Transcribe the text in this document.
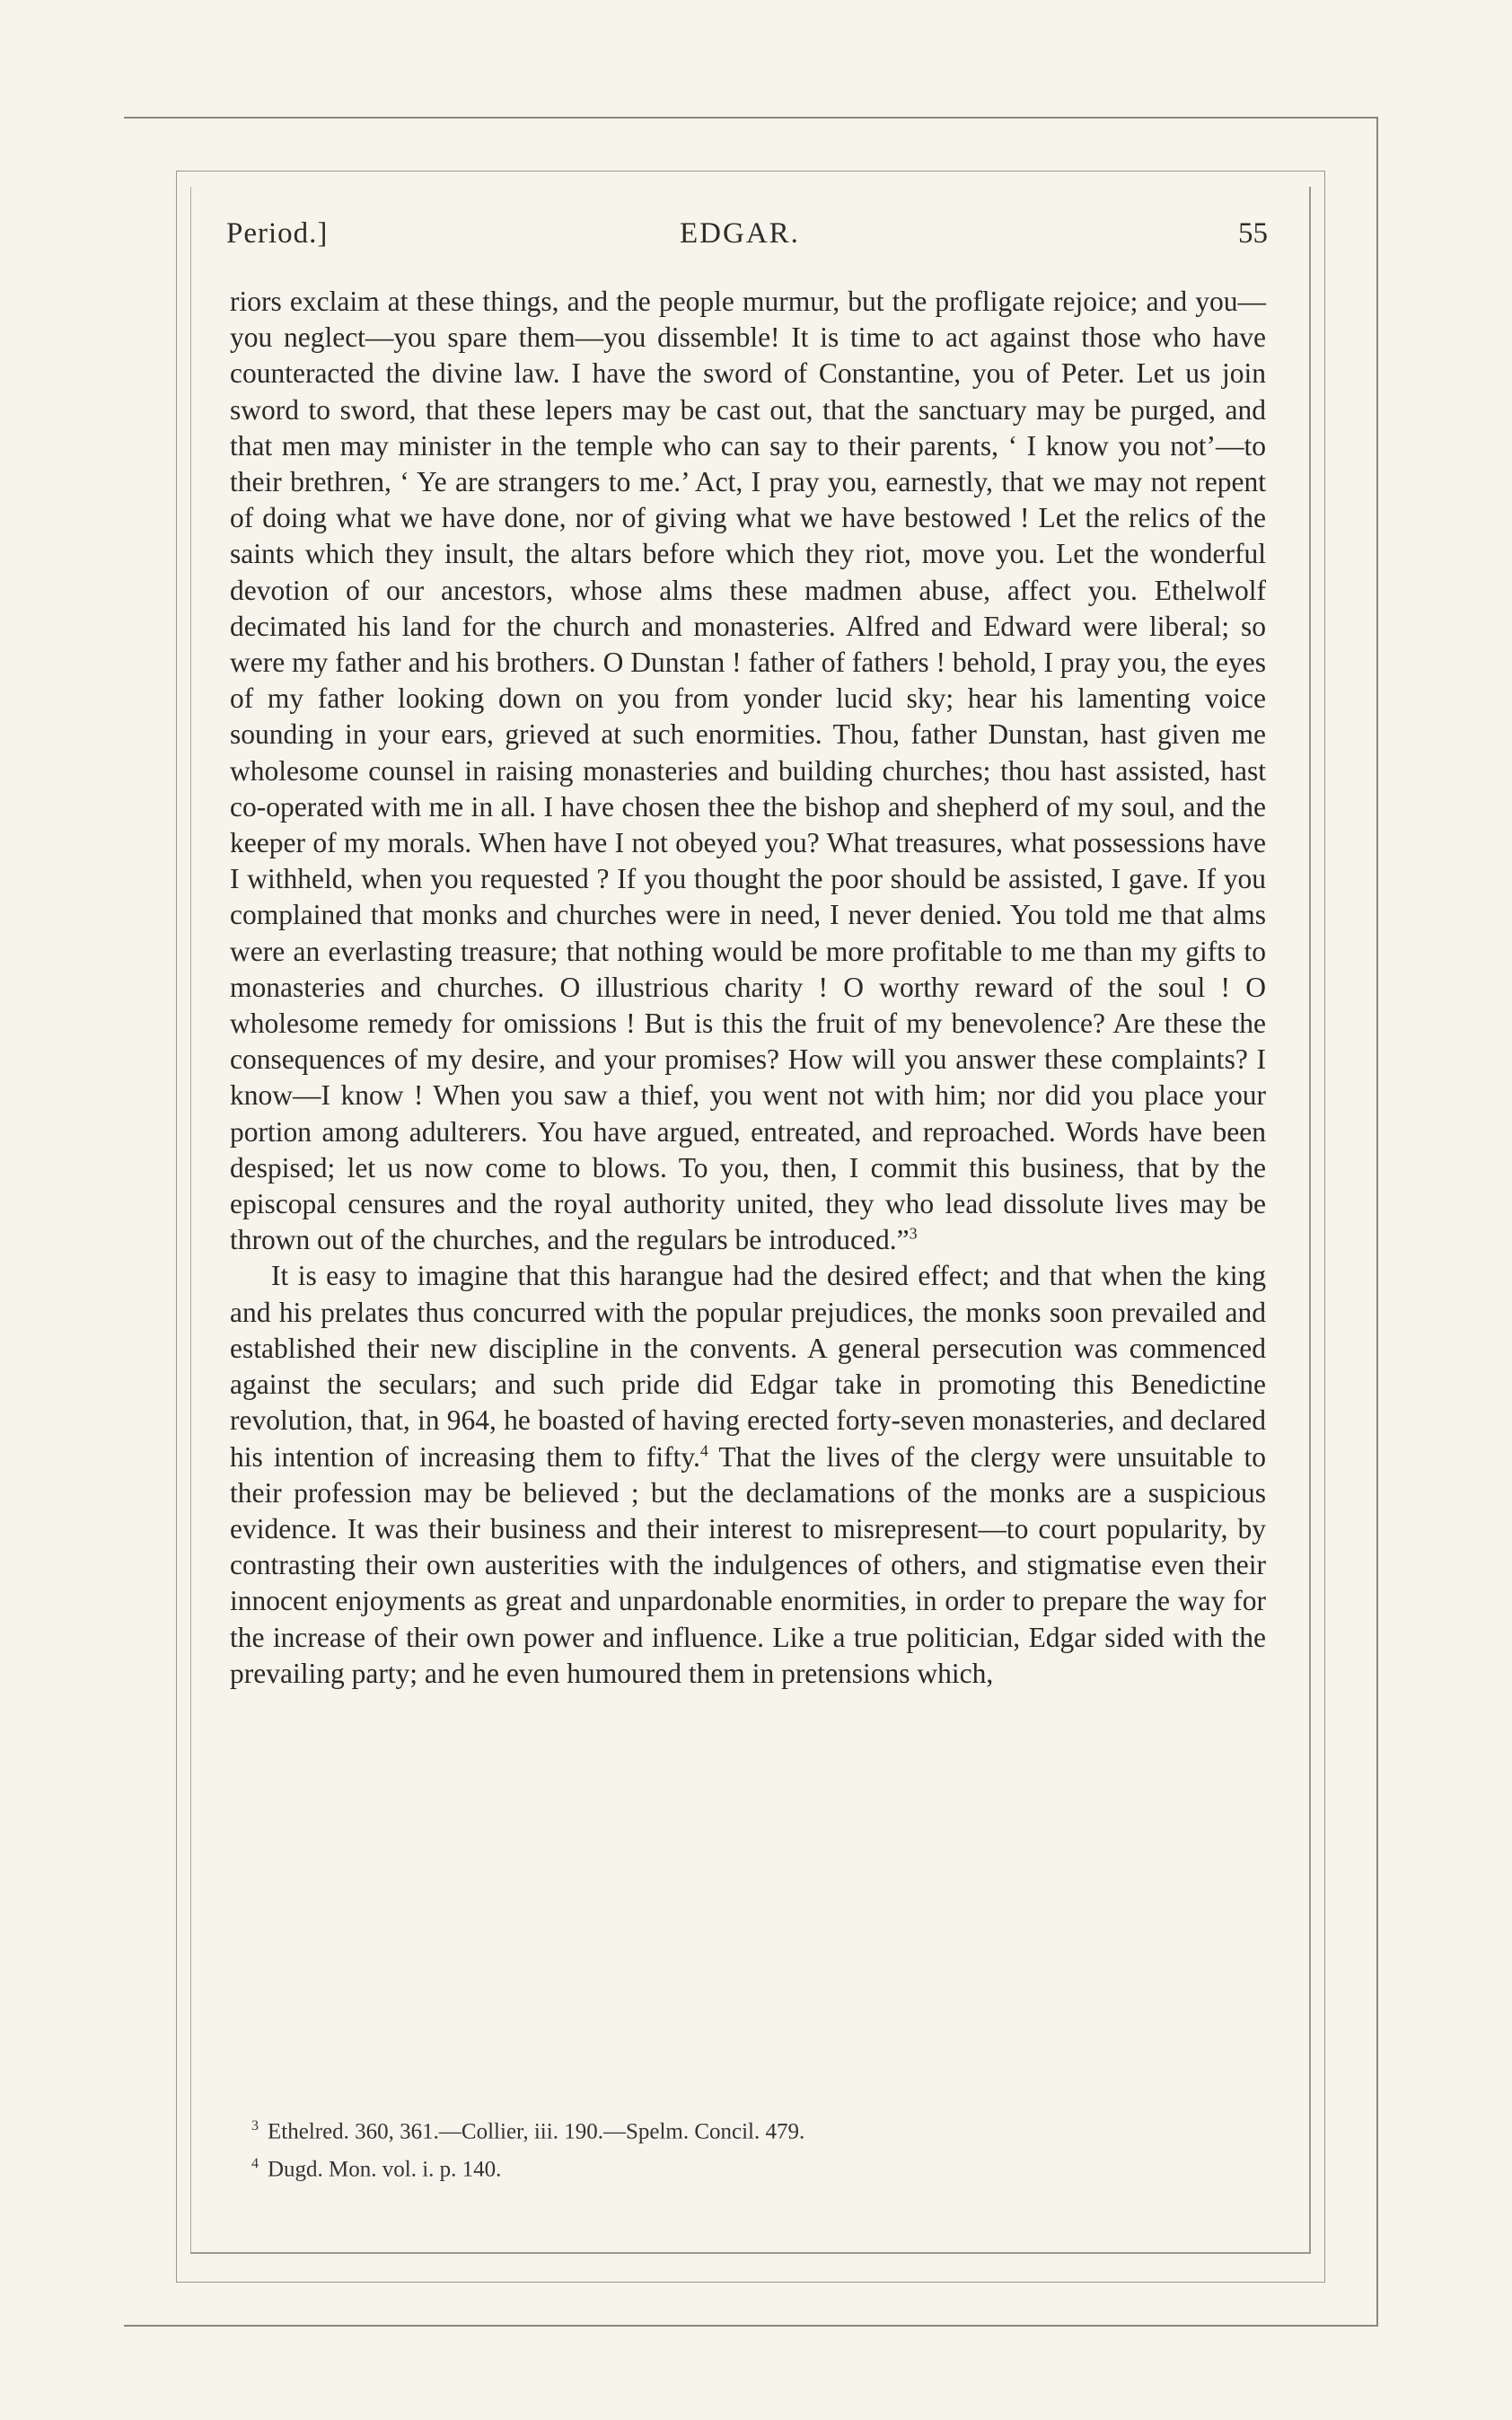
Period.]	EDGAR.	55

riors exclaim at these things, and the people murmur, but the profligate rejoice; and you—you neglect—you spare them—you dissemble! It is time to act against those who have counteracted the divine law. I have the sword of Constantine, you of Peter. Let us join sword to sword, that these lepers may be cast out, that the sanctuary may be purged, and that men may minister in the temple who can say to their parents, ‘ I know you not’—to their brethren, ‘ Ye are strangers to me.’ Act, I pray you, earnestly, that we may not repent of doing what we have done, nor of giving what we have bestowed ! Let the relics of the saints which they insult, the altars before which they riot, move you. Let the wonderful devotion of our ancestors, whose alms these madmen abuse, affect you. Ethelwolf decimated his land for the church and monasteries. Alfred and Edward were liberal; so were my father and his brothers. O Dunstan ! father of fathers ! behold, I pray you, the eyes of my father looking down on you from yonder lucid sky; hear his lamenting voice sounding in your ears, grieved at such enormities. Thou, father Dunstan, hast given me wholesome counsel in raising monasteries and building churches; thou hast assisted, hast co-operated with me in all. I have chosen thee the bishop and shepherd of my soul, and the keeper of my morals. When have I not obeyed you? What treasures, what possessions have I withheld, when you requested ? If you thought the poor should be assisted, I gave. If you complained that monks and churches were in need, I never denied. You told me that alms were an everlasting treasure; that nothing would be more profitable to me than my gifts to monasteries and churches. O illustrious charity ! O worthy reward of the soul ! O wholesome remedy for omissions ! But is this the fruit of my benevolence? Are these the consequences of my desire, and your promises? How will you answer these complaints? I know—I know ! When you saw a thief, you went not with him; nor did you place your portion among adulterers. You have argued, entreated, and reproached. Words have been despised; let us now come to blows. To you, then, I commit this business, that by the episcopal censures and the royal authority united, they who lead dissolute lives may be thrown out of the churches, and the regulars be introduced.”$^3$

It is easy to imagine that this harangue had the desired effect; and that when the king and his prelates thus concurred with the popular prejudices, the monks soon prevailed and established their new discipline in the convents. A general persecution was commenced against the seculars; and such pride did Edgar take in promoting this Benedictine revolution, that, in 964, he boasted of having erected forty-seven monasteries, and declared his intention of increasing them to fifty.$^4$ That the lives of the clergy were unsuitable to their profession may be believed ; but the declamations of the monks are a suspicious evidence. It was their business and their interest to misrepresent—to court popularity, by contrasting their own austerities with the indulgences of others, and stigmatise even their innocent enjoyments as great and unpardonable enormities, in order to prepare the way for the increase of their own power and influence. Like a true politician, Edgar sided with the prevailing party; and he even humoured them in pretensions which,

$^3$ Ethelred. 360, 361.—Collier, iii. 190.—Spelm. Concil. 479.
$^4$ Dugd. Mon. vol. i. p. 140.
